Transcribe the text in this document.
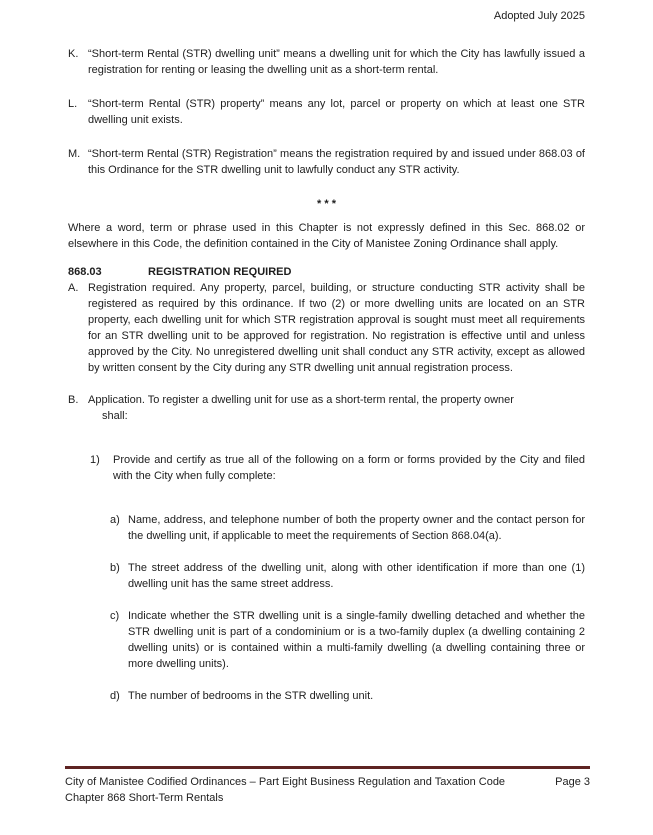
Adopted July 2025
K. “Short-term Rental (STR) dwelling unit” means a dwelling unit for which the City has lawfully issued a registration for renting or leasing the dwelling unit as a short-term rental.
L. “Short-term Rental (STR) property” means any lot, parcel or property on which at least one STR dwelling unit exists.
M. “Short-term Rental (STR) Registration” means the registration required by and issued under 868.03 of this Ordinance for the STR dwelling unit to lawfully conduct any STR activity.
* * *
Where a word, term or phrase used in this Chapter is not expressly defined in this Sec. 868.02 or elsewhere in this Code, the definition contained in the City of Manistee Zoning Ordinance shall apply.
868.03	REGISTRATION REQUIRED
A. Registration required. Any property, parcel, building, or structure conducting STR activity shall be registered as required by this ordinance. If two (2) or more dwelling units are located on an STR property, each dwelling unit for which STR registration approval is sought must meet all requirements for an STR dwelling unit to be approved for registration. No registration is effective until and unless approved by the City. No unregistered dwelling unit shall conduct any STR activity, except as allowed by written consent by the City during any STR dwelling unit annual registration process.
B. Application. To register a dwelling unit for use as a short-term rental, the property owner
shall:
1)	Provide and certify as true all of the following on a form or forms provided by the City and filed with the City when fully complete:
a) Name, address, and telephone number of both the property owner and the contact person for the dwelling unit, if applicable to meet the requirements of Section 868.04(a).
b) The street address of the dwelling unit, along with other identification if more than one (1) dwelling unit has the same street address.
c) Indicate whether the STR dwelling unit is a single-family dwelling detached and whether the STR dwelling unit is part of a condominium or is a two-family duplex (a dwelling containing 2 dwelling units) or is contained within a multi-family dwelling (a dwelling containing three or more dwelling units).
d) The number of bedrooms in the STR dwelling unit.
City of Manistee Codified Ordinances – Part Eight Business Regulation and Taxation Code	Page 3
Chapter 868 Short-Term Rentals
